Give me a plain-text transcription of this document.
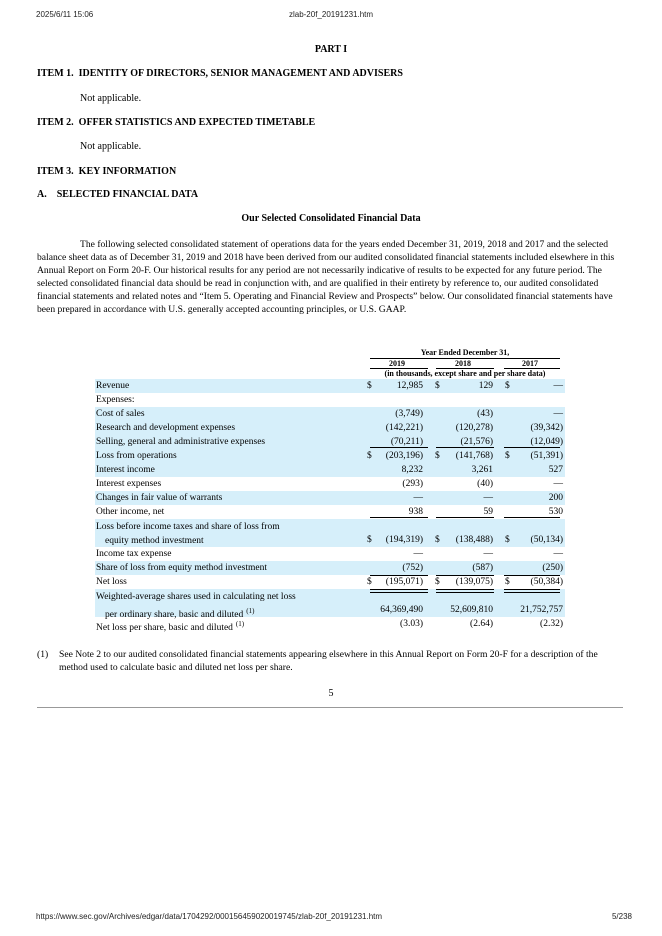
2025/6/11 15:06	zlab-20f_20191231.htm
PART I
ITEM 1.  IDENTITY OF DIRECTORS, SENIOR MANAGEMENT AND ADVISERS
Not applicable.
ITEM 2.  OFFER STATISTICS AND EXPECTED TIMETABLE
Not applicable.
ITEM 3.  KEY INFORMATION
A.    SELECTED FINANCIAL DATA
Our Selected Consolidated Financial Data
The following selected consolidated statement of operations data for the years ended December 31, 2019, 2018 and 2017 and the selected balance sheet data as of December 31, 2019 and 2018 have been derived from our audited consolidated financial statements included elsewhere in this Annual Report on Form 20-F. Our historical results for any period are not necessarily indicative of results to be expected for any future period. The selected consolidated financial data should be read in conjunction with, and are qualified in their entirety by reference to, our audited consolidated financial statements and related notes and “Item 5. Operating and Financial Review and Prospects” below. Our consolidated financial statements have been prepared in accordance with U.S. generally accepted accounting principles, or U.S. GAAP.
Year Ended December 31,
2019	2018	2017
(in thousands, except share and per share data)
Revenue	$	12,985 $	129 $	—
Expenses:
Cost of sales	(3,749)	(43)	—
Research and development expenses	(142,221)	(120,278)	(39,342)
Selling, general and administrative expenses	(70,211)	(21,576)	(12,049)
Loss from operations	$	(203,196) $	(141,768) $	(51,391)
Interest income	8,232	3,261	527
Interest expenses	(293)	(40)	—
Changes in fair value of warrants	—	—	200
Other income, net	938	59	530
Loss before income taxes and share of loss from
equity method investment	$	(194,319) $	(138,488) $	(50,134)
Income tax expense	—	—	—
Share of loss from equity method investment	(752)	(587)	(250)
Net loss	$	(195,071) $	(139,075) $	(50,384)
Weighted-average shares used in calculating net loss
per ordinary share, basic and diluted $^{(1)}$	64,369,490	52,609,810	21,752,757
Net loss per share, basic and diluted $^{(1)}$	(3.03)	(2.64)	(2.32)
(1) See Note 2 to our audited consolidated financial statements appearing elsewhere in this Annual Report on Form 20-F for a description of the method used to calculate basic and diluted net loss per share.
5
https://www.sec.gov/Archives/edgar/data/1704292/000156459020019745/zlab-20f_20191231.htm	5/238
